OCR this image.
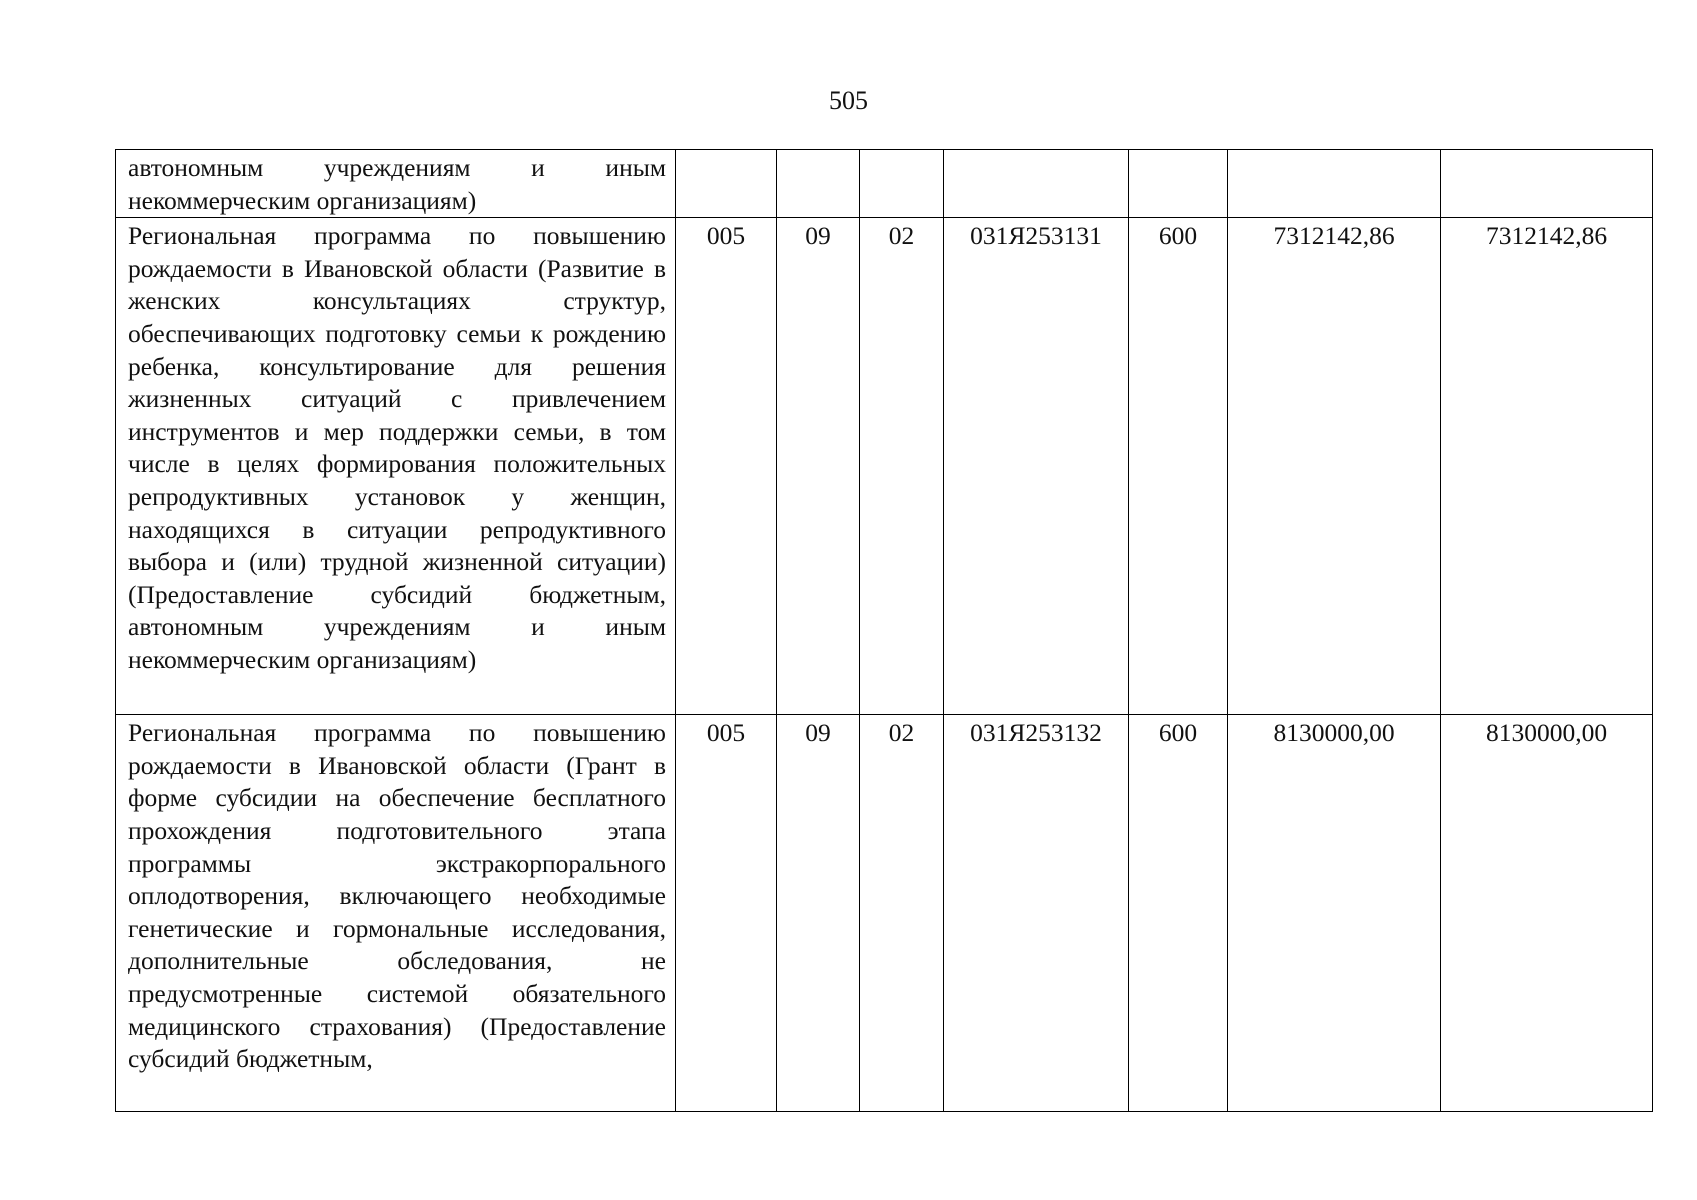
505
автономным учреждениям и иным некоммерческим организациям)							
Региональная программа по повышению рождаемости в Ивановской области (Развитие в женских консультациях структур, обеспечивающих подготовку семьи к рождению ребенка, консультирование для решения жизненных ситуаций с привлечением инструментов и мер поддержки семьи, в том числе в целях формирования положительных репродуктивных установок у женщин, находящихся в ситуации репродуктивного выбора и (или) трудной жизненной ситуации) (Предоставление субсидий бюджетным, автономным учреждениям и иным некоммерческим организациям)	005	09	02	031Я253131	600	7312142,86	7312142,86
Региональная программа по повышению рождаемости в Ивановской области (Грант в форме субсидии на обеспечение бесплатного прохождения подготовительного этапа программы экстракорпорального оплодотворения, включающего необходимые генетические и гормональные исследования, дополнительные обследования, не предусмотренные системой обязательного медицинского страхования) (Предоставление субсидий бюджетным,	005	09	02	031Я253132	600	8130000,00	8130000,00
